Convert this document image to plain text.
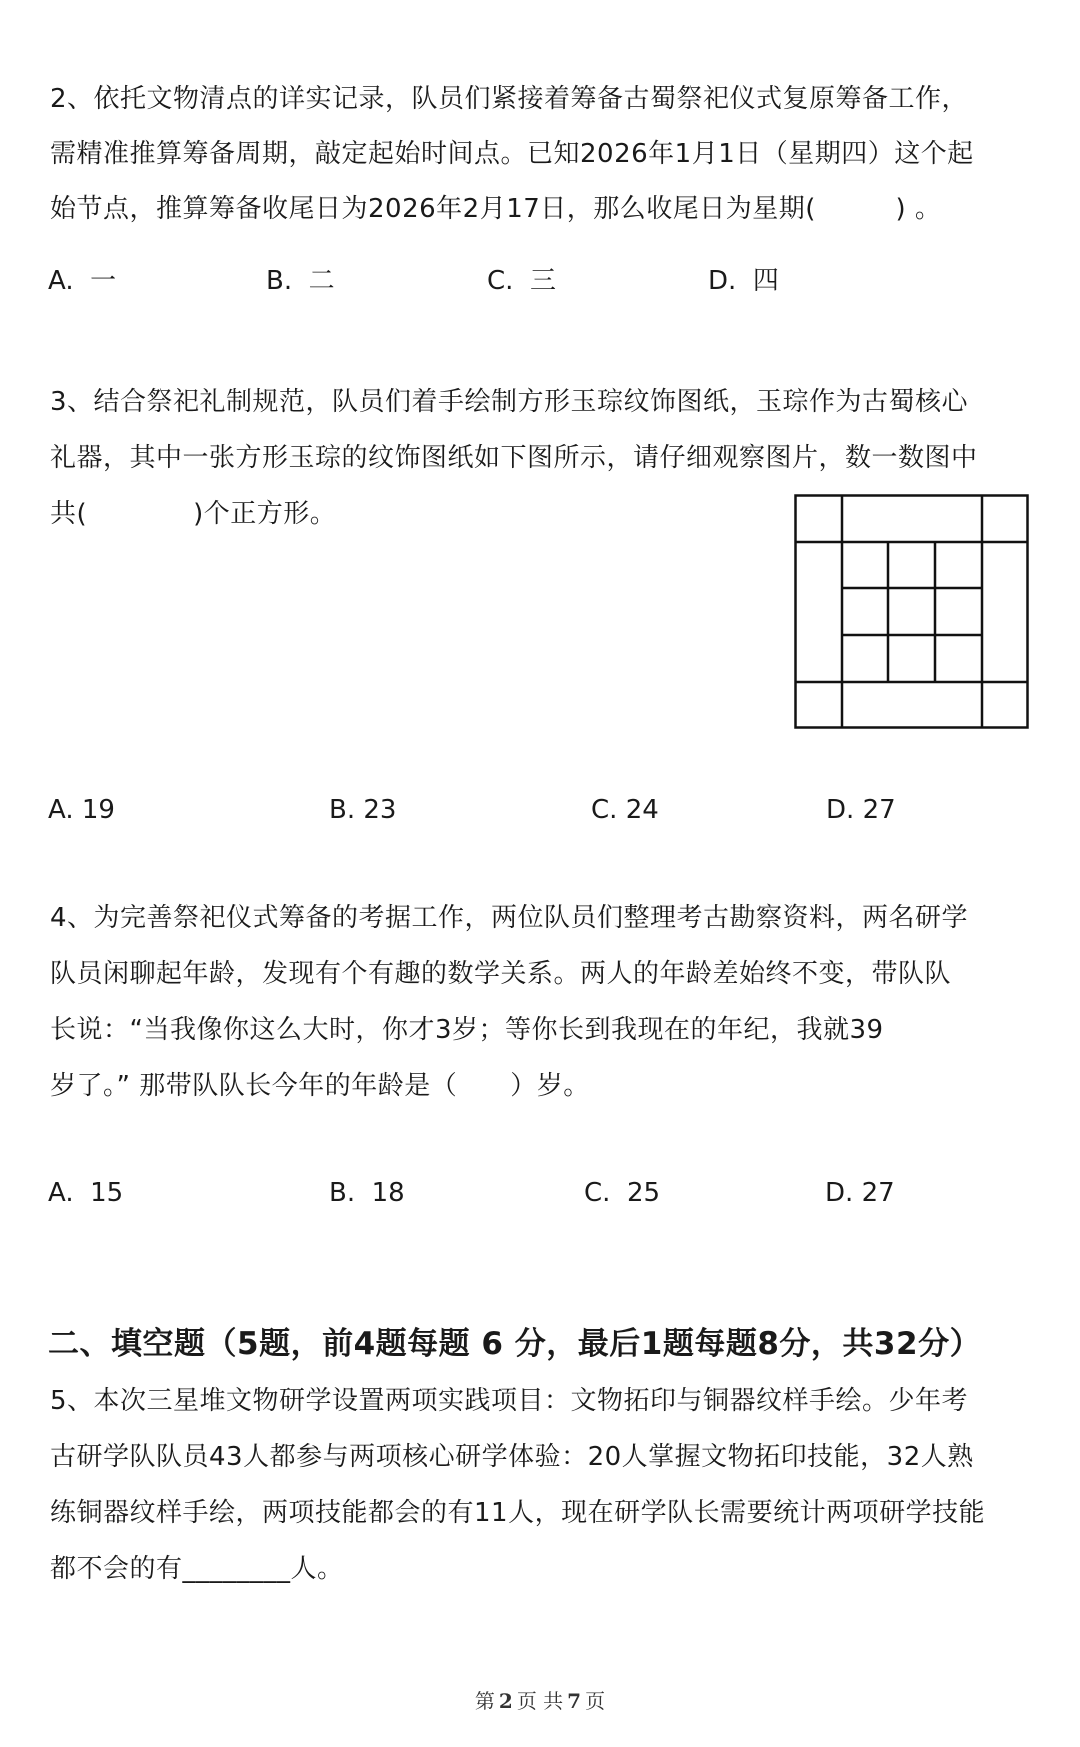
2、依托文物清点的详实记录，队员们紧接着筹备古蜀祭祀仪式复原筹备工作，
需精准推算筹备周期，敲定起始时间点。已知2026年1月1日（星期四）这个起
始节点，推算筹备收尾日为2026年2月17日，那么收尾日为星期(　　　) 。
A. 一	B. 二	C. 三	D. 四
3、结合祭祀礼制规范，队员们着手绘制方形玉琮纹饰图纸，玉琮作为古蜀核心
礼器，其中一张方形玉琮的纹饰图纸如下图所示，请仔细观察图片，数一数图中
共(　　　　)个正方形。
A. 19	B. 23	C. 24	D. 27
4、为完善祭祀仪式筹备的考据工作，两位队员们整理考古勘察资料，两名研学
队员闲聊起年龄，发现有个有趣的数学关系。两人的年龄差始终不变，带队队
长说：“当我像你这么大时，你才3岁；等你长到我现在的年纪，我就39
岁了。” 那带队队长今年的年龄是（　　）岁。
A. 15	B. 18	C. 25	D. 27
二、填空题（5题，前4题每题 6 分，最后1题每题8分，共32分）
5、本次三星堆文物研学设置两项实践项目：文物拓印与铜器纹样手绘。少年考
古研学队队员43人都参与两项核心研学体验：20人掌握文物拓印技能，32人熟
练铜器纹样手绘，两项技能都会的有11人，现在研学队长需要统计两项研学技能
都不会的有________人。
第 2 页 共 7 页
